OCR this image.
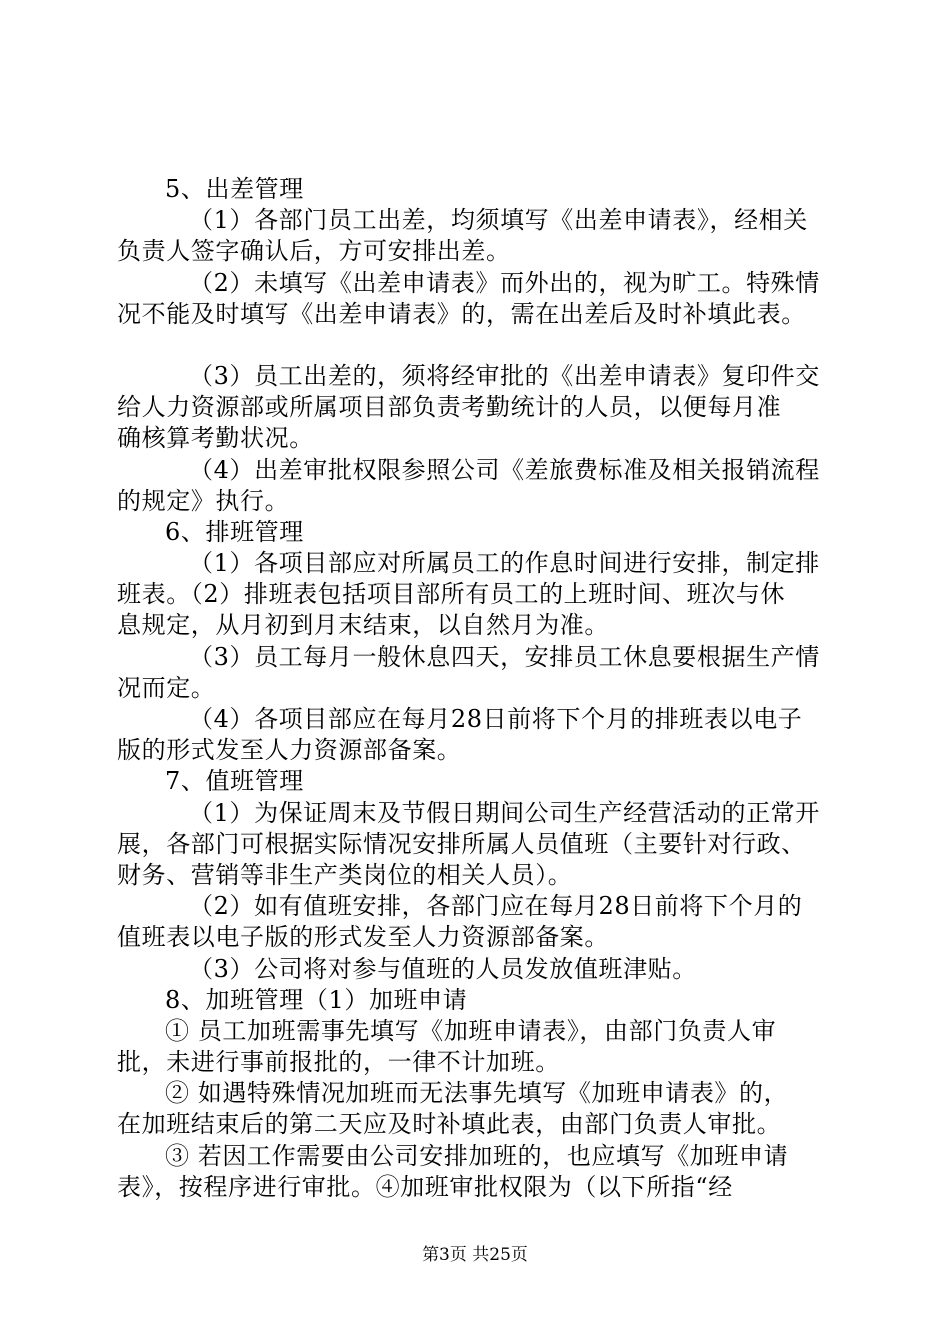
5、出差管理
（1）各部门员工出差，均须填写《出差申请表》，经相关
负责人签字确认后，方可安排出差。
（2）未填写《出差申请表》而外出的，视为旷工。特殊情
况不能及时填写《出差申请表》的，需在出差后及时补填此表。
（3）员工出差的，须将经审批的《出差申请表》复印件交
给人力资源部或所属项目部负责考勤统计的人员，以便每月准
确核算考勤状况。
（4）出差审批权限参照公司《差旅费标准及相关报销流程
的规定》执行。
6、排班管理
（1）各项目部应对所属员工的作息时间进行安排，制定排
班表。（2）排班表包括项目部所有员工的上班时间、班次与休
息规定，从月初到月末结束，以自然月为准。
（3）员工每月一般休息四天，安排员工休息要根据生产情
况而定。
（4）各项目部应在每月28日前将下个月的排班表以电子
版的形式发至人力资源部备案。
7、值班管理
（1）为保证周末及节假日期间公司生产经营活动的正常开
展，各部门可根据实际情况安排所属人员值班（主要针对行政、
财务、营销等非生产类岗位的相关人员）。
（2）如有值班安排，各部门应在每月28日前将下个月的
值班表以电子版的形式发至人力资源部备案。
（3）公司将对参与值班的人员发放值班津贴。
8、加班管理（1）加班申请
① 员工加班需事先填写《加班申请表》，由部门负责人审
批，未进行事前报批的，一律不计加班。
② 如遇特殊情况加班而无法事先填写《加班申请表》的，
在加班结束后的第二天应及时补填此表，由部门负责人审批。
③ 若因工作需要由公司安排加班的，也应填写《加班申请
表》，按程序进行审批。④加班审批权限为（以下所指“经
第3页 共25页
